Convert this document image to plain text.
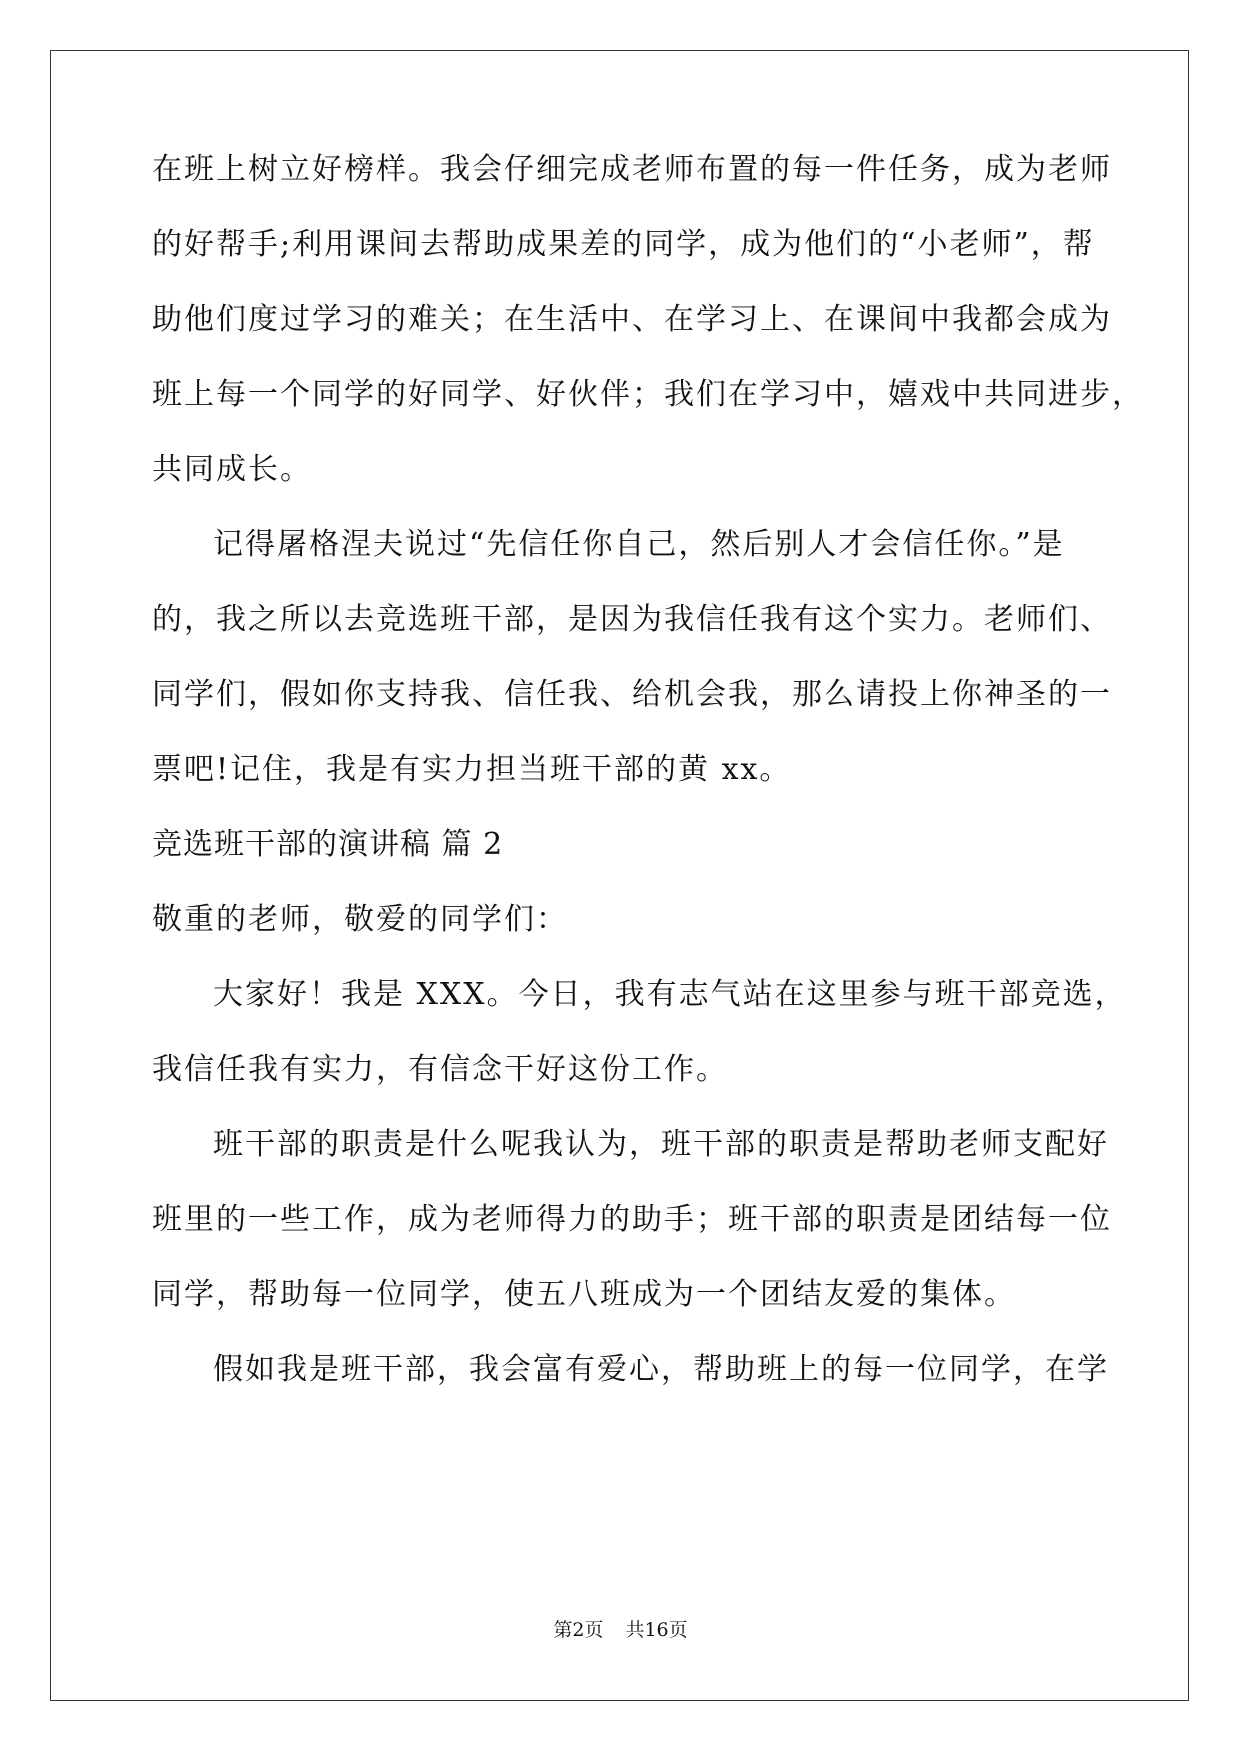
在班上树立好榜样。我会仔细完成老师布置的每一件任务，成为老师
的好帮手;利用课间去帮助成果差的同学，成为他们的“小老师”，帮
助他们度过学习的难关；在生活中、在学习上、在课间中我都会成为
班上每一个同学的好同学、好伙伴；我们在学习中，嬉戏中共同进步，
共同成长。
记得屠格涅夫说过“先信任你自己，然后别人才会信任你。”是
的，我之所以去竞选班干部，是因为我信任我有这个实力。老师们、
同学们，假如你支持我、信任我、给机会我，那么请投上你神圣的一
票吧!记住，我是有实力担当班干部的黄 xx。
竞选班干部的演讲稿 篇 2
敬重的老师，敬爱的同学们：
大家好！我是 XXX。今日，我有志气站在这里参与班干部竞选，
我信任我有实力，有信念干好这份工作。
班干部的职责是什么呢我认为，班干部的职责是帮助老师支配好
班里的一些工作，成为老师得力的助手；班干部的职责是团结每一位
同学，帮助每一位同学，使五八班成为一个团结友爱的集体。
假如我是班干部，我会富有爱心，帮助班上的每一位同学，在学
第2页 共16页
